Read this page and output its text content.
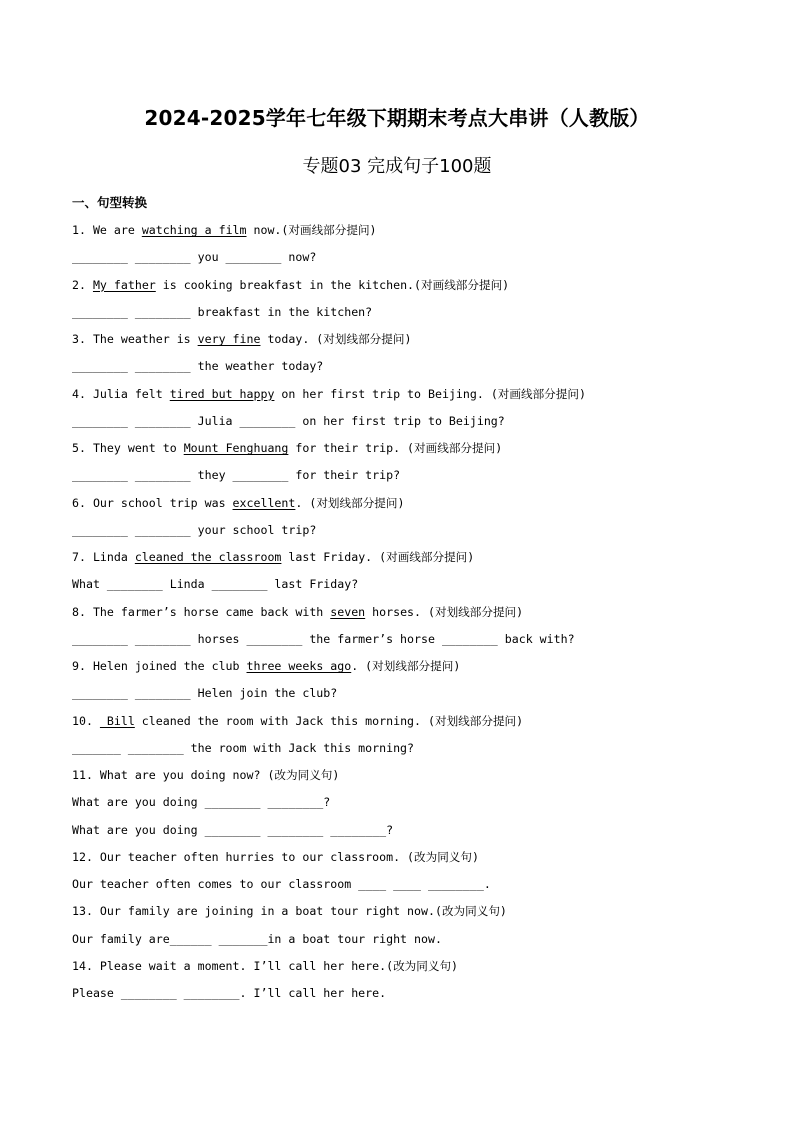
2024-2025学年七年级下期期末考点大串讲（人教版）
专题03 完成句子100题
一、句型转换
1. We are watching a film now.(对画线部分提问)
________ ________ you ________ now?
2. My father is cooking breakfast in the kitchen.(对画线部分提问)
________ ________ breakfast in the kitchen?
3. The weather is very fine today. (对划线部分提问)
________ ________ the weather today?
4. Julia felt tired but happy on her first trip to Beijing. (对画线部分提问)
________ ________ Julia ________ on her first trip to Beijing?
5. They went to Mount Fenghuang for their trip. (对画线部分提问)
________ ________ they ________ for their trip?
6. Our school trip was excellent. (对划线部分提问)
________ ________ your school trip?
7. Linda cleaned the classroom last Friday. (对画线部分提问)
What ________ Linda ________ last Friday?
8. The farmer’s horse came back with seven horses. (对划线部分提问)
________ ________ horses ________ the farmer’s horse ________ back with?
9. Helen joined the club three weeks ago. (对划线部分提问)
________ ________ Helen join the club?
10.  Bill cleaned the room with Jack this morning. (对划线部分提问)
_______ ________ the room with Jack this morning?
11. What are you doing now? (改为同义句)
What are you doing ________ ________?
What are you doing ________ ________ ________?
12. Our teacher often hurries to our classroom. (改为同义句)
Our teacher often comes to our classroom ____ ____ ________.
13. Our family are joining in a boat tour right now.(改为同义句)
Our family are______ _______in a boat tour right now.
14. Please wait a moment. I’ll call her here.(改为同义句)
Please ________ ________. I’ll call her here.
